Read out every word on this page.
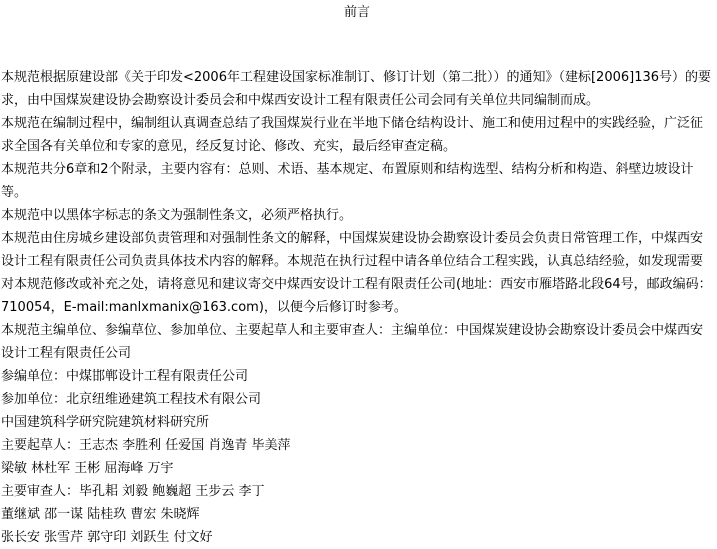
前言

本规范根据原建设部《关于印发<2006年工程建设国家标准制订、修订计划（第二批））的通知》（建标[2006]136号）的要求，由中国煤炭建设协会勘察设计委员会和中煤西安设计工程有限责任公司会同有关单位共同编制而成。

本规范在编制过程中，编制组认真调查总结了我国煤炭行业在半地下储仓结构设计、施工和使用过程中的实践经验，广泛征求全国各有关单位和专家的意见，经反复讨论、修改、充实，最后经审查定稿。

本规范共分6章和2个附录，主要内容有：总则、术语、基本规定、布置原则和结构选型、结构分析和构造、斜壁边坡设计等。

本规范中以黑体字标志的条文为强制性条文，必须严格执行。

本规范由住房城乡建设部负责管理和对强制性条文的解释，中国煤炭建设协会勘察设计委员会负责日常管理工作，中煤西安设计工程有限责任公司负责具体技术内容的解释。本规范在执行过程中请各单位结合工程实践，认真总结经验，如发现需要对本规范修改或补充之处，请将意见和建议寄交中煤西安设计工程有限责任公司(地址：西安市雁塔路北段64号，邮政编码：710054，E-mail:manlxmanix@163.com)，以便今后修订时参考。

本规范主编单位、参编草位、参加单位、主要起草人和主要审查人：主编单位：中国煤炭建设协会勘察设计委员会中煤西安设计工程有限责任公司

参编单位：中煤邯郸设计工程有限责任公司

参加单位：北京纽维逊建筑工程技术有限公司

中国建筑科学研究院建筑材料研究所

主要起草人：王志杰 李胜利 任爱国 肖逸青 毕美萍

梁敏 林杜军 王彬 屈海峰 万宇

主要审查人：毕孔耜 刘毅 鲍巍超 王步云 李丁

董继斌 邵一谋 陆桂玖 曹宏 朱晓辉

张长安 张雪芹 郭守印 刘跃生 付文好
